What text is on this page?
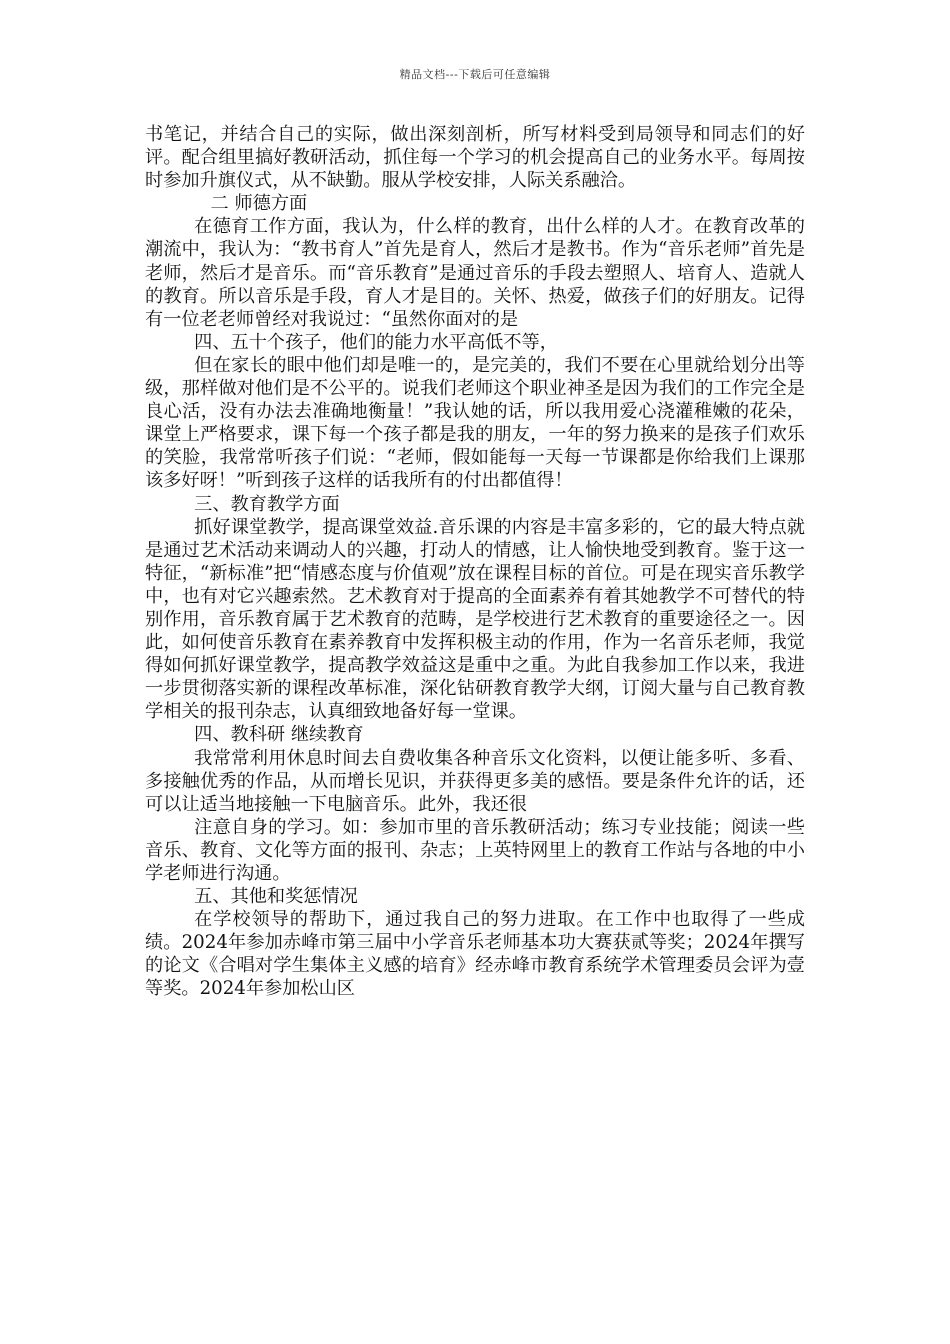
精品文档---下载后可任意编辑

书笔记，并结合自己的实际，做出深刻剖析，所写材料受到局领导和同志们的好评。配合组里搞好教研活动，抓住每一个学习的机会提高自己的业务水平。每周按时参加升旗仪式，从不缺勤。服从学校安排，人际关系融洽。

二 师德方面

在德育工作方面，我认为，什么样的教育，出什么样的人才。在教育改革的潮流中，我认为：“教书育人”首先是育人，然后才是教书。作为“音乐老师”首先是老师，然后才是音乐。而“音乐教育”是通过音乐的手段去塑照人、培育人、造就人的教育。所以音乐是手段，育人才是目的。关怀、热爱，做孩子们的好朋友。记得有一位老老师曾经对我说过：“虽然你面对的是

四、五十个孩子，他们的能力水平高低不等，

但在家长的眼中他们却是唯一的，是完美的，我们不要在心里就给划分出等级，那样做对他们是不公平的。说我们老师这个职业神圣是因为我们的工作完全是良心活，没有办法去准确地衡量！”我认她的话，所以我用爱心浇灌稚嫩的花朵，课堂上严格要求，课下每一个孩子都是我的朋友，一年的努力换来的是孩子们欢乐的笑脸，我常常听孩子们说：“老师，假如能每一天每一节课都是你给我们上课那该多好呀！”听到孩子这样的话我所有的付出都值得！

三、教育教学方面

抓好课堂教学，提高课堂效益.音乐课的内容是丰富多彩的，它的最大特点就是通过艺术活动来调动人的兴趣，打动人的情感，让人愉快地受到教育。鉴于这一特征，“新标准”把“情感态度与价值观”放在课程目标的首位。可是在现实音乐教学中，也有对它兴趣索然。艺术教育对于提高的全面素养有着其她教学不可替代的特别作用，音乐教育属于艺术教育的范畴，是学校进行艺术教育的重要途径之一。因此，如何使音乐教育在素养教育中发挥积极主动的作用，作为一名音乐老师，我觉得如何抓好课堂教学，提高教学效益这是重中之重。为此自我参加工作以来，我进一步贯彻落实新的课程改革标准，深化钻研教育教学大纲，订阅大量与自己教育教学相关的报刊杂志，认真细致地备好每一堂课。

四、教科研 继续教育

我常常利用休息时间去自费收集各种音乐文化资料，以便让能多听、多看、多接触优秀的作品，从而增长见识，并获得更多美的感悟。要是条件允许的话，还可以让适当地接触一下电脑音乐。此外，我还很

注意自身的学习。如：参加市里的音乐教研活动；练习专业技能；阅读一些音乐、教育、文化等方面的报刊、杂志；上英特网里上的教育工作站与各地的中小学老师进行沟通。

五、其他和奖惩情况

在学校领导的帮助下，通过我自己的努力进取。在工作中也取得了一些成绩。2024年参加赤峰市第三届中小学音乐老师基本功大赛获贰等奖；2024年撰写的论文《合唱对学生集体主义感的培育》经赤峰市教育系统学术管理委员会评为壹等奖。2024年参加松山区
